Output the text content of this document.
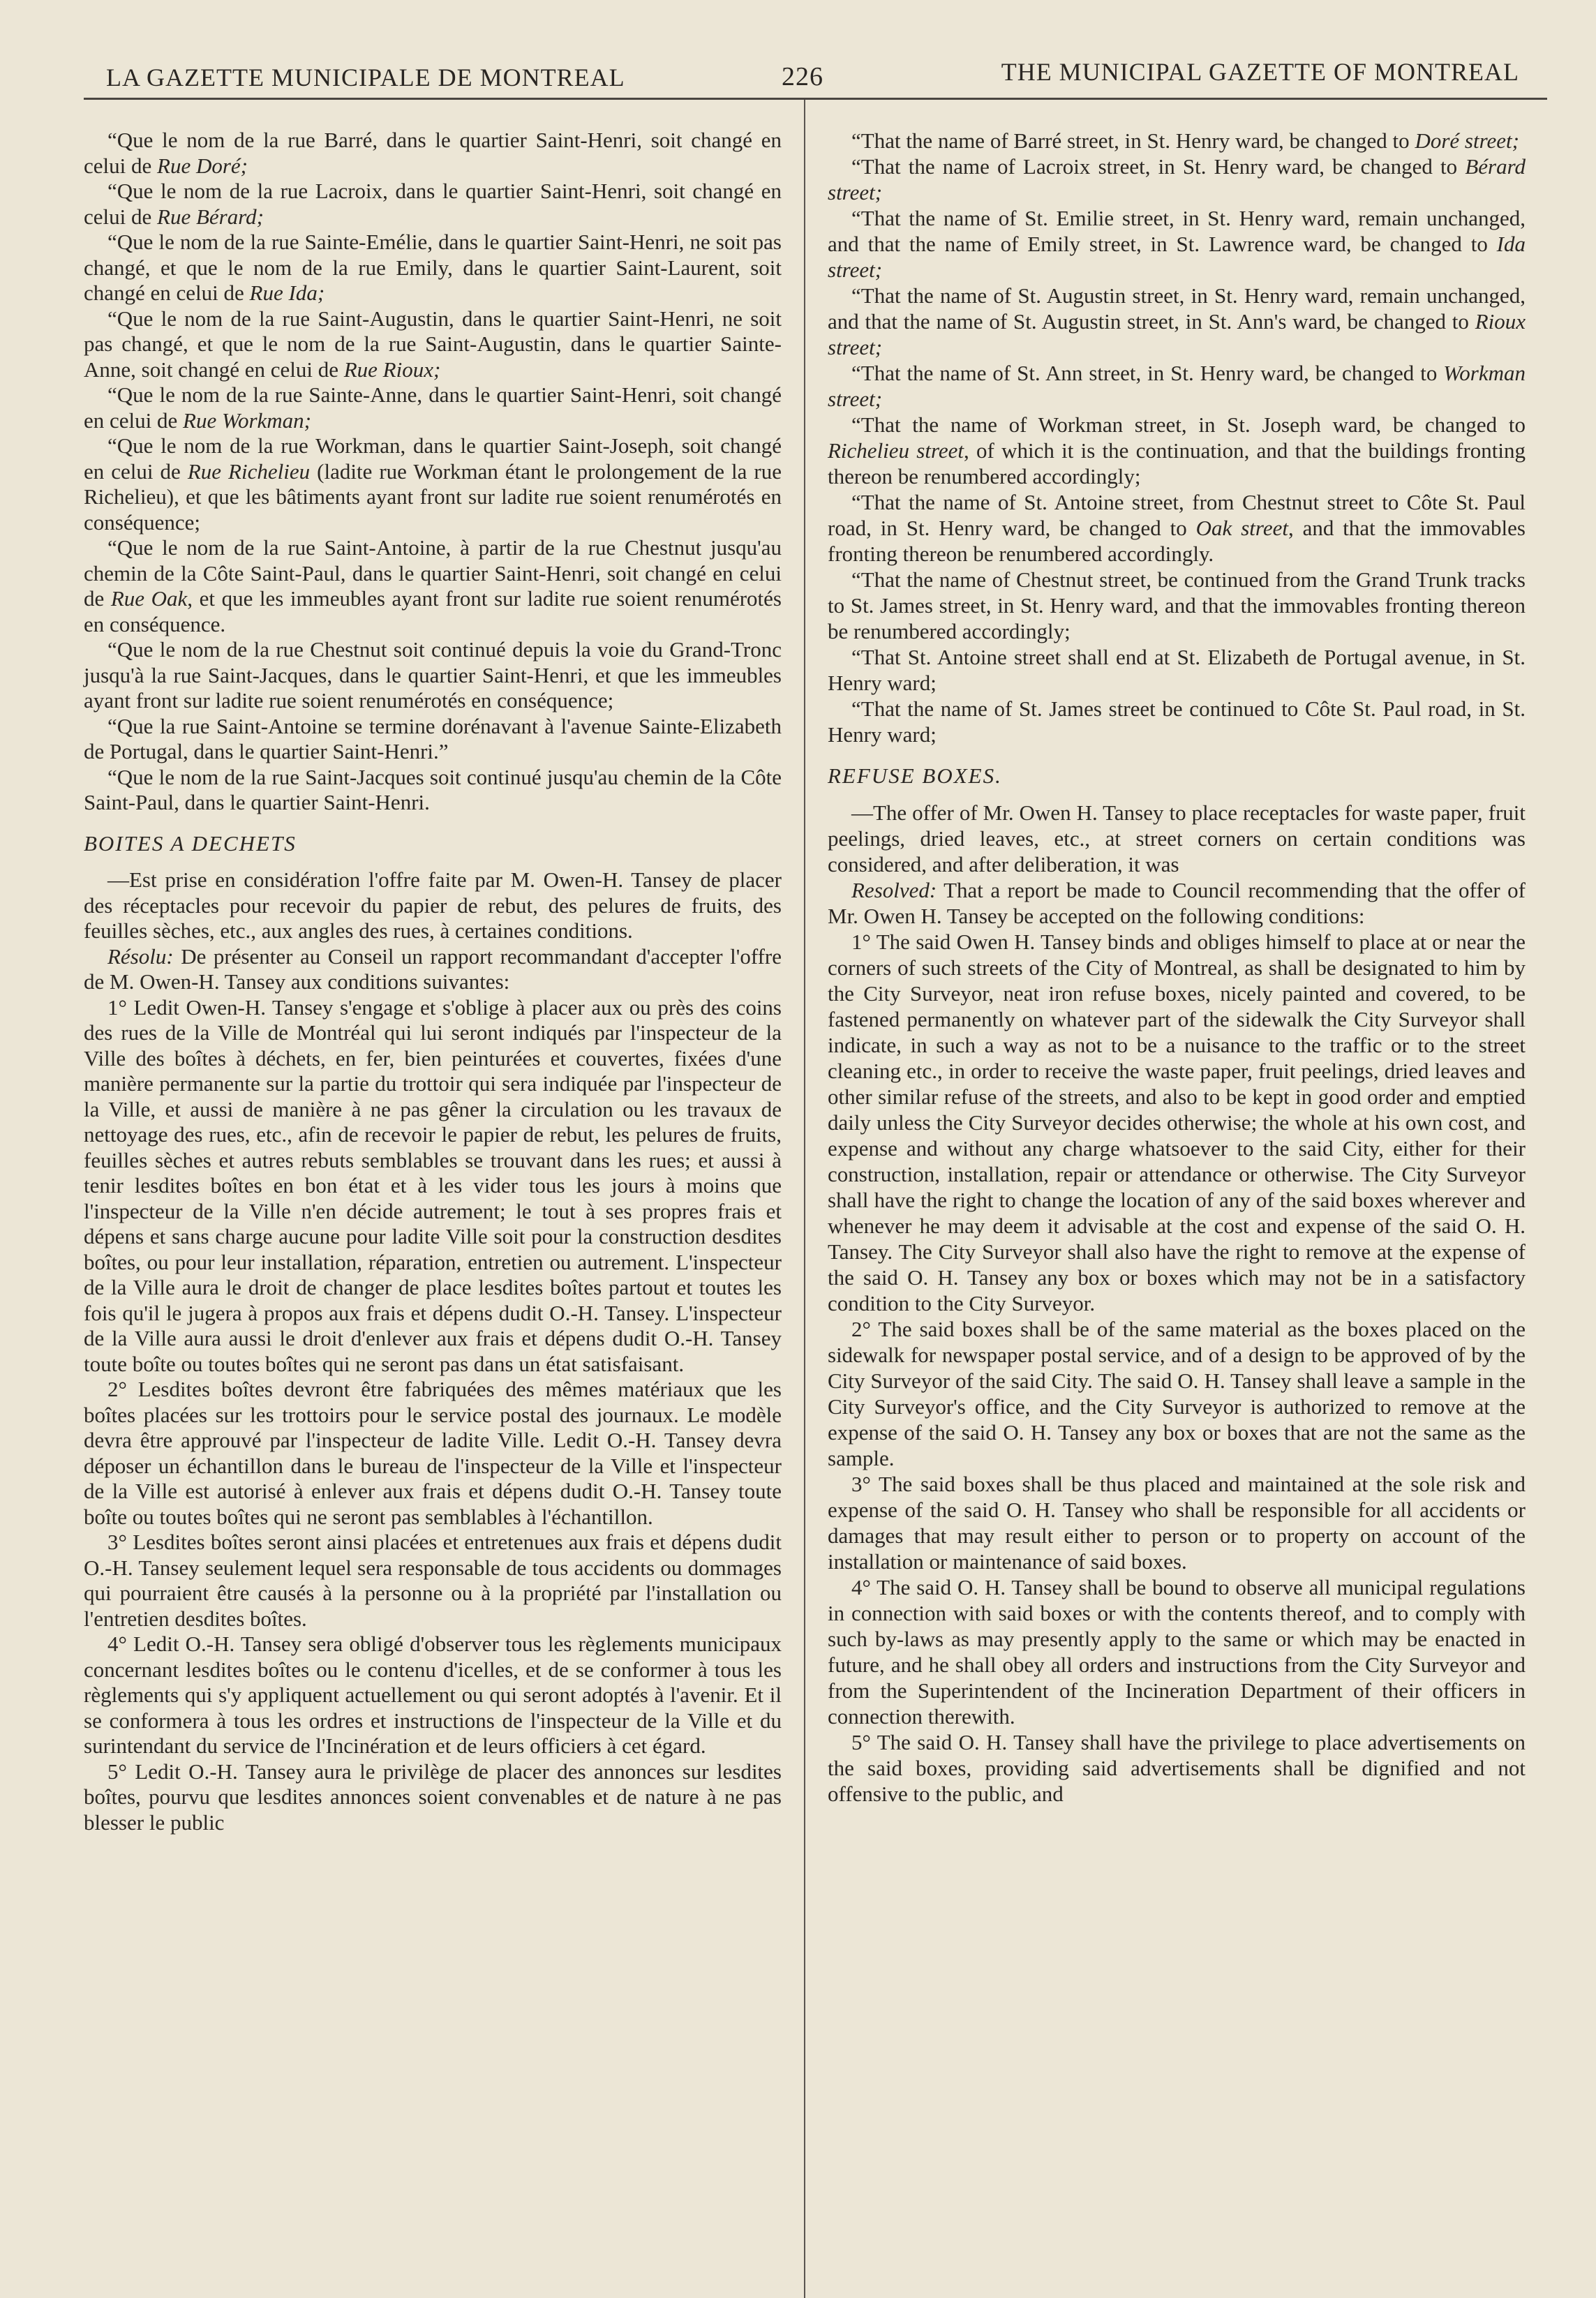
LA GAZETTE MUNICIPALE DE MONTREAL	226	THE MUNICIPAL GAZETTE OF MONTREAL

“Que le nom de la rue Barré, dans le quartier Saint-Henri, soit changé en celui de Rue Doré;

“Que le nom de la rue Lacroix, dans le quartier Saint-Henri, soit changé en celui de Rue Bérard;

“Que le nom de la rue Sainte-Emélie, dans le quartier Saint-Henri, ne soit pas changé, et que le nom de la rue Emily, dans le quartier Saint-Laurent, soit changé en celui de Rue Ida;

“Que le nom de la rue Saint-Augustin, dans le quartier Saint-Henri, ne soit pas changé, et que le nom de la rue Saint-Augustin, dans le quartier Sainte-Anne, soit changé en celui de Rue Rioux;

“Que le nom de la rue Sainte-Anne, dans le quartier Saint-Henri, soit changé en celui de Rue Workman;

“Que le nom de la rue Workman, dans le quartier Saint-Joseph, soit changé en celui de Rue Richelieu (ladite rue Workman étant le prolongement de la rue Richelieu), et que les bâtiments ayant front sur ladite rue soient renumérotés en conséquence;

“Que le nom de la rue Saint-Antoine, à partir de la rue Chestnut jusqu'au chemin de la Côte Saint-Paul, dans le quartier Saint-Henri, soit changé en celui de Rue Oak, et que les immeubles ayant front sur ladite rue soient renumérotés en conséquence.

“Que le nom de la rue Chestnut soit continué depuis la voie du Grand-Tronc jusqu'à la rue Saint-Jacques, dans le quartier Saint-Henri, et que les immeubles ayant front sur ladite rue soient renumérotés en conséquence;

“Que la rue Saint-Antoine se termine dorénavant à l'avenue Sainte-Elizabeth de Portugal, dans le quartier Saint-Henri.”

“Que le nom de la rue Saint-Jacques soit continué jusqu'au chemin de la Côte Saint-Paul, dans le quartier Saint-Henri.

BOITES A DECHETS

—Est prise en considération l'offre faite par M. Owen-H. Tansey de placer des réceptacles pour recevoir du papier de rebut, des pelures de fruits, des feuilles sèches, etc., aux angles des rues, à certaines conditions.

Résolu: De présenter au Conseil un rapport recommandant d'accepter l'offre de M. Owen-H. Tansey aux conditions suivantes:

1° Ledit Owen-H. Tansey s'engage et s'oblige à placer aux ou près des coins des rues de la Ville de Montréal qui lui seront indiqués par l'inspecteur de la Ville des boîtes à déchets, en fer, bien peinturées et couvertes, fixées d'une manière permanente sur la partie du trottoir qui sera indiquée par l'inspecteur de la Ville, et aussi de manière à ne pas gêner la circulation ou les travaux de nettoyage des rues, etc., afin de recevoir le papier de rebut, les pelures de fruits, feuilles sèches et autres rebuts semblables se trouvant dans les rues; et aussi à tenir lesdites boîtes en bon état et à les vider tous les jours à moins que l'inspecteur de la Ville n'en décide autrement; le tout à ses propres frais et dépens et sans charge aucune pour ladite Ville soit pour la construction desdites boîtes, ou pour leur installation, réparation, entretien ou autrement. L'inspecteur de la Ville aura le droit de changer de place lesdites boîtes partout et toutes les fois qu'il le jugera à propos aux frais et dépens dudit O.-H. Tansey. L'inspecteur de la Ville aura aussi le droit d'enlever aux frais et dépens dudit O.-H. Tansey toute boîte ou toutes boîtes qui ne seront pas dans un état satisfaisant.

2° Lesdites boîtes devront être fabriquées des mêmes matériaux que les boîtes placées sur les trottoirs pour le service postal des journaux. Le modèle devra être approuvé par l'inspecteur de ladite Ville. Ledit O.-H. Tansey devra déposer un échantillon dans le bureau de l'inspecteur de la Ville et l'inspecteur de la Ville est autorisé à enlever aux frais et dépens dudit O.-H. Tansey toute boîte ou toutes boîtes qui ne seront pas semblables à l'échantillon.

3° Lesdites boîtes seront ainsi placées et entretenues aux frais et dépens dudit O.-H. Tansey seulement lequel sera responsable de tous accidents ou dommages qui pourraient être causés à la personne ou à la propriété par l'installation ou l'entretien desdites boîtes.

4° Ledit O.-H. Tansey sera obligé d'observer tous les règlements municipaux concernant lesdites boîtes ou le contenu d'icelles, et de se conformer à tous les règlements qui s'y appliquent actuellement ou qui seront adoptés à l'avenir. Et il se conformera à tous les ordres et instructions de l'inspecteur de la Ville et du surintendant du service de l'Incinération et de leurs officiers à cet égard.

5° Ledit O.-H. Tansey aura le privilège de placer des annonces sur lesdites boîtes, pourvu que lesdites annonces soient convenables et de nature à ne pas blesser le public

“That the name of Barré street, in St. Henry ward, be changed to Doré street;

“That the name of Lacroix street, in St. Henry ward, be changed to Bérard street;

“That the name of St. Emilie street, in St. Henry ward, remain unchanged, and that the name of Emily street, in St. Lawrence ward, be changed to Ida street;

“That the name of St. Augustin street, in St. Henry ward, remain unchanged, and that the name of St. Augustin street, in St. Ann's ward, be changed to Rioux street;

“That the name of St. Ann street, in St. Henry ward, be changed to Workman street;

“That the name of Workman street, in St. Joseph ward, be changed to Richelieu street, of which it is the continuation, and that the buildings fronting thereon be renumbered accordingly;

“That the name of St. Antoine street, from Chestnut street to Côte St. Paul road, in St. Henry ward, be changed to Oak street, and that the immovables fronting thereon be renumbered accordingly.

“That the name of Chestnut street, be continued from the Grand Trunk tracks to St. James street, in St. Henry ward, and that the immovables fronting thereon be renumbered accordingly;

“That St. Antoine street shall end at St. Elizabeth de Portugal avenue, in St. Henry ward;

“That the name of St. James street be continued to Côte St. Paul road, in St. Henry ward;

REFUSE BOXES.

—The offer of Mr. Owen H. Tansey to place receptacles for waste paper, fruit peelings, dried leaves, etc., at street corners on certain conditions was considered, and after deliberation, it was

Resolved: That a report be made to Council recommending that the offer of Mr. Owen H. Tansey be accepted on the following conditions:

1° The said Owen H. Tansey binds and obliges himself to place at or near the corners of such streets of the City of Montreal, as shall be designated to him by the City Surveyor, neat iron refuse boxes, nicely painted and covered, to be fastened permanently on whatever part of the sidewalk the City Surveyor shall indicate, in such a way as not to be a nuisance to the traffic or to the street cleaning etc., in order to receive the waste paper, fruit peelings, dried leaves and other similar refuse of the streets, and also to be kept in good order and emptied daily unless the City Surveyor decides otherwise; the whole at his own cost, and expense and without any charge whatsoever to the said City, either for their construction, installation, repair or attendance or otherwise. The City Surveyor shall have the right to change the location of any of the said boxes wherever and whenever he may deem it advisable at the cost and expense of the said O. H. Tansey. The City Surveyor shall also have the right to remove at the expense of the said O. H. Tansey any box or boxes which may not be in a satisfactory condition to the City Surveyor.

2° The said boxes shall be of the same material as the boxes placed on the sidewalk for newspaper postal service, and of a design to be approved of by the City Surveyor of the said City. The said O. H. Tansey shall leave a sample in the City Surveyor's office, and the City Surveyor is authorized to remove at the expense of the said O. H. Tansey any box or boxes that are not the same as the sample.

3° The said boxes shall be thus placed and maintained at the sole risk and expense of the said O. H. Tansey who shall be responsible for all accidents or damages that may result either to person or to property on account of the installation or maintenance of said boxes.

4° The said O. H. Tansey shall be bound to observe all municipal regulations in connection with said boxes or with the contents thereof, and to comply with such by-laws as may presently apply to the same or which may be enacted in future, and he shall obey all orders and instructions from the City Surveyor and from the Superintendent of the Incineration Department of their officers in connection therewith.

5° The said O. H. Tansey shall have the privilege to place advertisements on the said boxes, providing said advertisements shall be dignified and not offensive to the public, and
